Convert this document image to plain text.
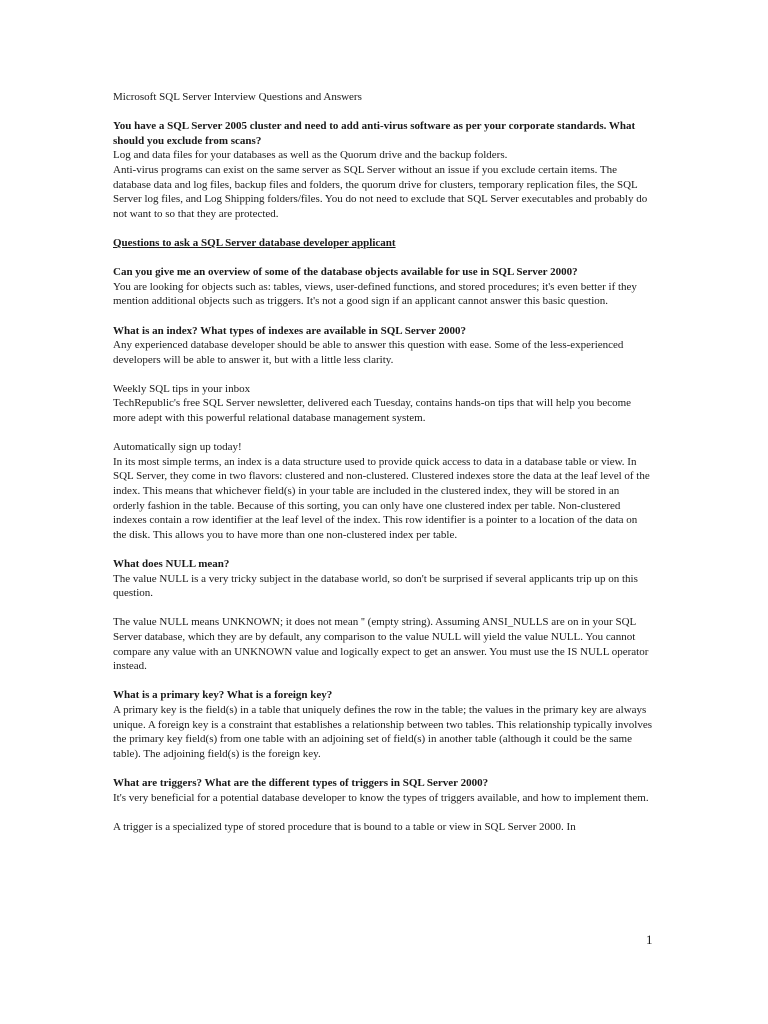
Microsoft SQL Server Interview Questions and Answers

You have a SQL Server 2005 cluster and need to add anti-virus software as per your corporate standards. What should you exclude from scans?

Log and data files for your databases as well as the Quorum drive and the backup folders.

Anti-virus programs can exist on the same server as SQL Server without an issue if you exclude certain items. The database data and log files, backup files and folders, the quorum drive for clusters, temporary replication files, the SQL Server log files, and Log Shipping folders/files. You do not need to exclude that SQL Server executables and probably do not want to so that they are protected.

Questions to ask a SQL Server database developer applicant

Can you give me an overview of some of the database objects available for use in SQL Server 2000?

You are looking for objects such as: tables, views, user-defined functions, and stored procedures; it's even better if they mention additional objects such as triggers. It's not a good sign if an applicant cannot answer this basic question.

What is an index? What types of indexes are available in SQL Server 2000?

Any experienced database developer should be able to answer this question with ease. Some of the less-experienced developers will be able to answer it, but with a little less clarity.

Weekly SQL tips in your inbox

TechRepublic's free SQL Server newsletter, delivered each Tuesday, contains hands-on tips that will help you become more adept with this powerful relational database management system.

Automatically sign up today!

In its most simple terms, an index is a data structure used to provide quick access to data in a database table or view. In SQL Server, they come in two flavors: clustered and non-clustered. Clustered indexes store the data at the leaf level of the index. This means that whichever field(s) in your table are included in the clustered index, they will be stored in an orderly fashion in the table. Because of this sorting, you can only have one clustered index per table. Non-clustered indexes contain a row identifier at the leaf level of the index. This row identifier is a pointer to a location of the data on the disk. This allows you to have more than one non-clustered index per table.

What does NULL mean?

The value NULL is a very tricky subject in the database world, so don't be surprised if several applicants trip up on this question.

The value NULL means UNKNOWN; it does not mean '' (empty string). Assuming ANSI_NULLS are on in your SQL Server database, which they are by default, any comparison to the value NULL will yield the value NULL. You cannot compare any value with an UNKNOWN value and logically expect to get an answer. You must use the IS NULL operator instead.

What is a primary key? What is a foreign key?

A primary key is the field(s) in a table that uniquely defines the row in the table; the values in the primary key are always unique. A foreign key is a constraint that establishes a relationship between two tables. This relationship typically involves the primary key field(s) from one table with an adjoining set of field(s) in another table (although it could be the same table). The adjoining field(s) is the foreign key.

What are triggers? What are the different types of triggers in SQL Server 2000?

It's very beneficial for a potential database developer to know the types of triggers available, and how to implement them.

A trigger is a specialized type of stored procedure that is bound to a table or view in SQL Server 2000. In

1
